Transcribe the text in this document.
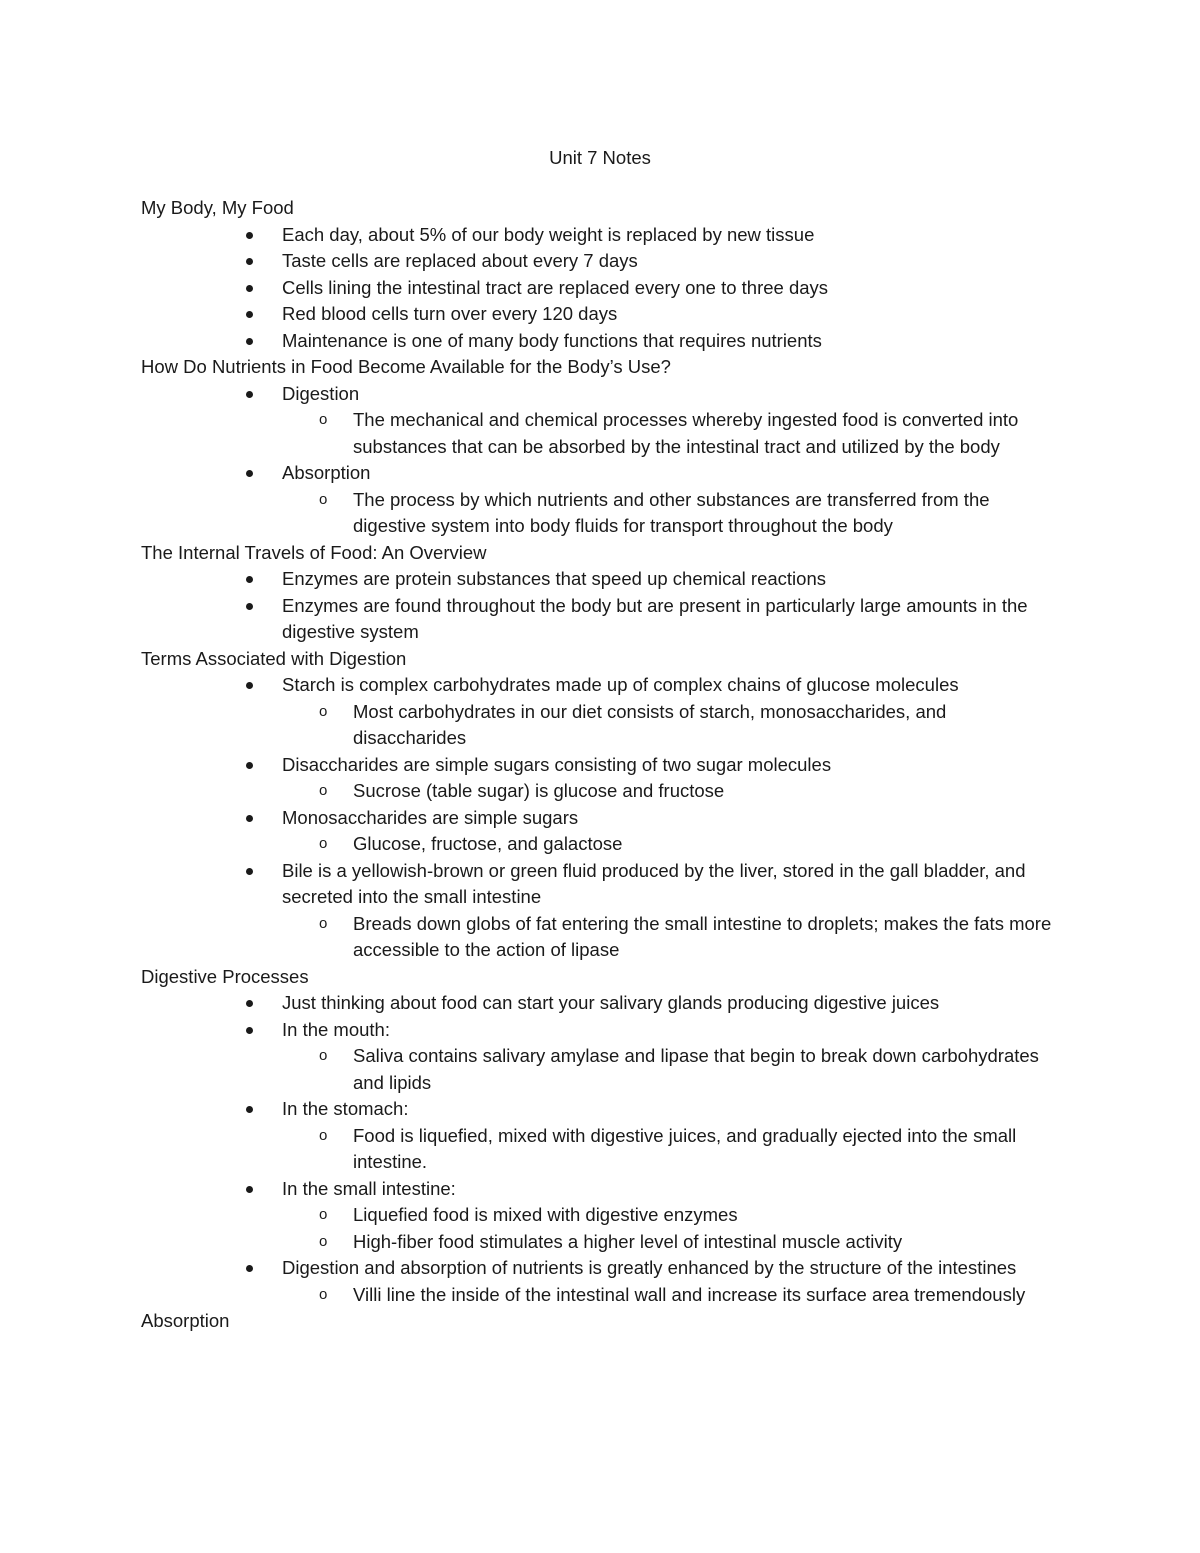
Unit 7 Notes
My Body, My Food
Each day, about 5% of our body weight is replaced by new tissue
Taste cells are replaced about every 7 days
Cells lining the intestinal tract are replaced every one to three days
Red blood cells turn over every 120 days
Maintenance is one of many body functions that requires nutrients
How Do Nutrients in Food Become Available for the Body’s Use?
Digestion
o The mechanical and chemical processes whereby ingested food is converted into substances that can be absorbed by the intestinal tract and utilized by the body
Absorption
o The process by which nutrients and other substances are transferred from the digestive system into body fluids for transport throughout the body
The Internal Travels of Food: An Overview
Enzymes are protein substances that speed up chemical reactions
Enzymes are found throughout the body but are present in particularly large amounts in the digestive system
Terms Associated with Digestion
Starch is complex carbohydrates made up of complex chains of glucose molecules
o Most carbohydrates in our diet consists of starch, monosaccharides, and disaccharides
Disaccharides are simple sugars consisting of two sugar molecules
o Sucrose (table sugar) is glucose and fructose
Monosaccharides are simple sugars
o Glucose, fructose, and galactose
Bile is a yellowish-brown or green fluid produced by the liver, stored in the gall bladder, and secreted into the small intestine
o Breads down globs of fat entering the small intestine to droplets; makes the fats more accessible to the action of lipase
Digestive Processes
Just thinking about food can start your salivary glands producing digestive juices
In the mouth:
o Saliva contains salivary amylase and lipase that begin to break down carbohydrates and lipids
In the stomach:
o Food is liquefied, mixed with digestive juices, and gradually ejected into the small intestine.
In the small intestine:
o Liquefied food is mixed with digestive enzymes
o High-fiber food stimulates a higher level of intestinal muscle activity
Digestion and absorption of nutrients is greatly enhanced by the structure of the intestines
o Villi line the inside of the intestinal wall and increase its surface area tremendously
Absorption
